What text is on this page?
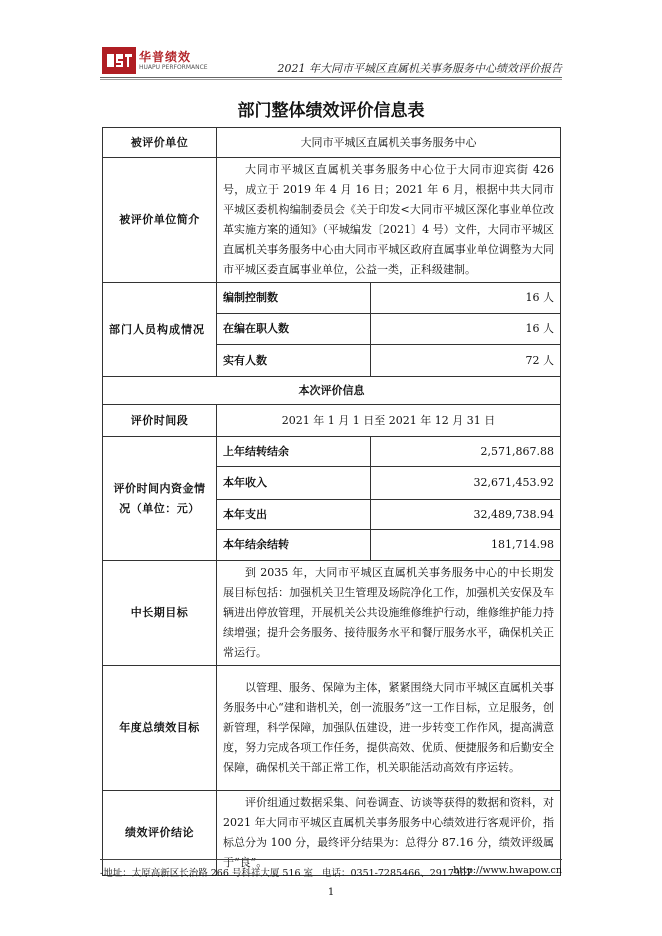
华普绩效
HUAPU PERFORMANCE	2021 年大同市平城区直属机关事务服务中心绩效评价报告
部门整体绩效评价信息表
被评价单位	大同市平城区直属机关事务服务中心	
被评价单位简介	大同市平城区直属机关事务服务中心位于大同市迎宾街 426 号，成立于 2019 年 4 月 16 日；2021 年 6 月，根据中共大同市平城区委机构编制委员会《关于印发<大同市平城区深化事业单位改革实施方案的通知》（平城编发〔2021〕4 号）文件，大同市平城区直属机关事务服务中心由大同市平城区政府直属事业单位调整为大同市平城区委直属事业单位，公益一类，正科级建制。	
部门人员构成情况	编制控制数	16 人
	在编在职人数	16 人
	实有人数	72 人
本次评价信息		
评价时间段	2021 年 1 月 1 日至 2021 年 12 月 31 日	
评价时间内资金情况（单位：元）	上年结转结余	2,571,867.88
	本年收入	32,671,453.92
	本年支出	32,489,738.94
	本年结余结转	181,714.98
中长期目标	到 2035 年，大同市平城区直属机关事务服务中心的中长期发展目标包括：加强机关卫生管理及场院净化工作，加强机关安保及车辆进出停放管理，开展机关公共设施维修维护行动，维修维护能力持续增强；提升会务服务、接待服务水平和餐厅服务水平，确保机关正常运行。	
年度总绩效目标	以管理、服务、保障为主体，紧紧围绕大同市平城区直属机关事务服务中心“建和谐机关，创一流服务”这一工作目标，立足服务，创新管理，科学保障，加强队伍建设，进一步转变工作作风，提高满意度，努力完成各项工作任务，提供高效、优质、便捷服务和后勤安全保障，确保机关干部正常工作，机关职能活动高效有序运转。	
绩效评价结论	评价组通过数据采集、问卷调查、访谈等获得的数据和资料，对 2021 年大同市平城区直属机关事务服务中心绩效进行客观评价，指标总分为 100 分，最终评分结果为：总得分 87.16 分，绩效评级属于“良”。	
-地址：太原高新区长治路 266 号科祥大厦 516 室 电话：0351-7285466、2917907
http://www.hwapow.cn
1
